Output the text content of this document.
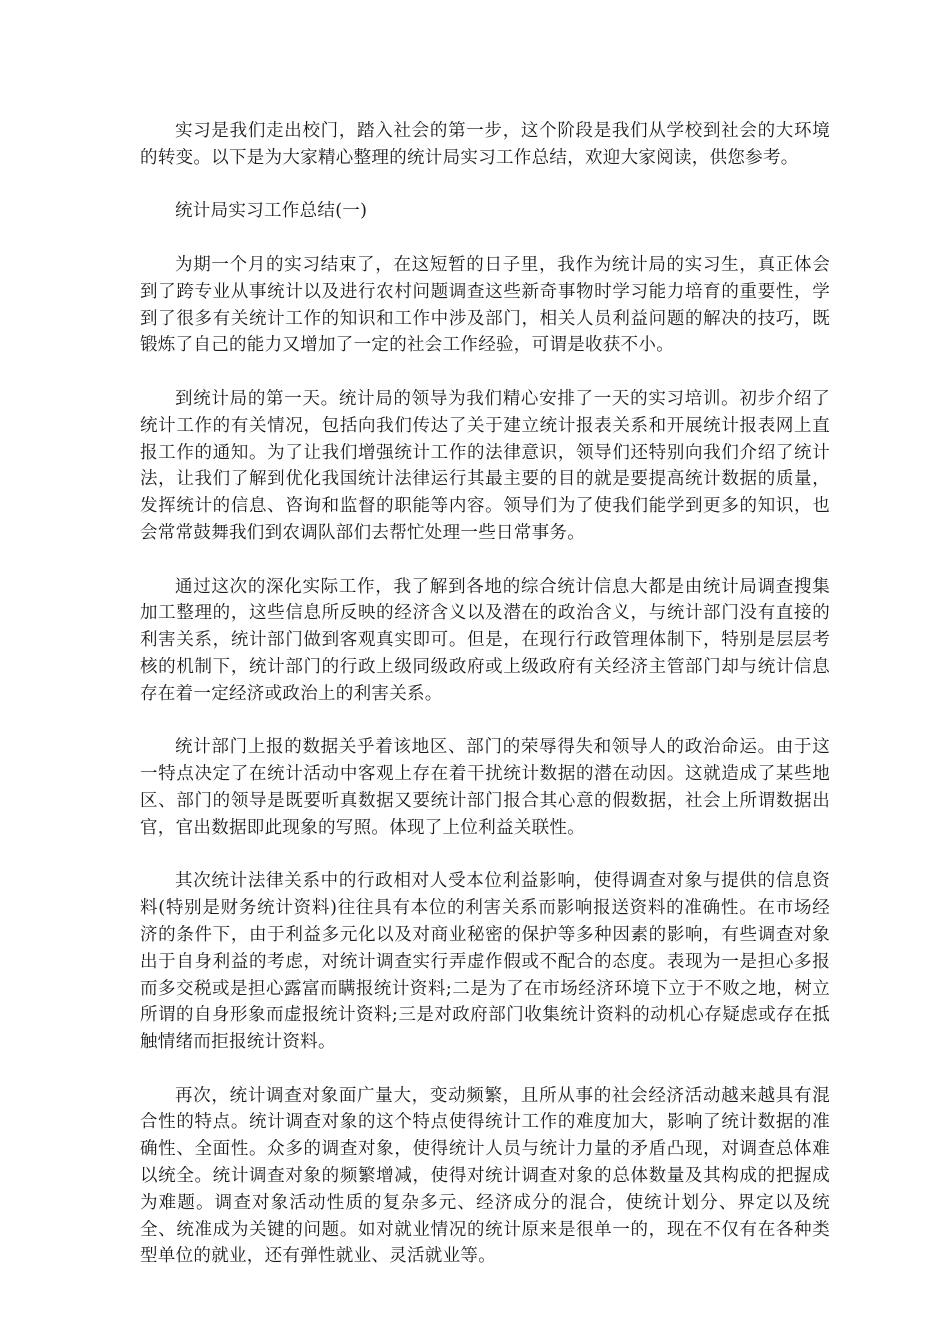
实习是我们走出校门，踏入社会的第一步，这个阶段是我们从学校到社会的大环境的转变。以下是为大家精心整理的统计局实习工作总结，欢迎大家阅读，供您参考。

统计局实习工作总结(一)

为期一个月的实习结束了，在这短暂的日子里，我作为统计局的实习生，真正体会到了跨专业从事统计以及进行农村问题调查这些新奇事物时学习能力培育的重要性，学到了很多有关统计工作的知识和工作中涉及部门，相关人员利益问题的解决的技巧，既锻炼了自己的能力又增加了一定的社会工作经验，可谓是收获不小。

到统计局的第一天。统计局的领导为我们精心安排了一天的实习培训。初步介绍了统计工作的有关情况，包括向我们传达了关于建立统计报表关系和开展统计报表网上直报工作的通知。为了让我们增强统计工作的法律意识，领导们还特别向我们介绍了统计法，让我们了解到优化我国统计法律运行其最主要的目的就是要提高统计数据的质量，发挥统计的信息、咨询和监督的职能等内容。领导们为了使我们能学到更多的知识，也会常常鼓舞我们到农调队部们去帮忙处理一些日常事务。

通过这次的深化实际工作，我了解到各地的综合统计信息大都是由统计局调查搜集加工整理的，这些信息所反映的经济含义以及潜在的政治含义，与统计部门没有直接的利害关系，统计部门做到客观真实即可。但是，在现行行政管理体制下，特别是层层考核的机制下，统计部门的行政上级同级政府或上级政府有关经济主管部门却与统计信息存在着一定经济或政治上的利害关系。

统计部门上报的数据关乎着该地区、部门的荣辱得失和领导人的政治命运。由于这一特点决定了在统计活动中客观上存在着干扰统计数据的潜在动因。这就造成了某些地区、部门的领导是既要听真数据又要统计部门报合其心意的假数据，社会上所谓数据出官，官出数据即此现象的写照。体现了上位利益关联性。

其次统计法律关系中的行政相对人受本位利益影响，使得调查对象与提供的信息资料(特别是财务统计资料)往往具有本位的利害关系而影响报送资料的准确性。在市场经济的条件下，由于利益多元化以及对商业秘密的保护等多种因素的影响，有些调查对象出于自身利益的考虑，对统计调查实行弄虚作假或不配合的态度。表现为一是担心多报而多交税或是担心露富而瞒报统计资料;二是为了在市场经济环境下立于不败之地，树立所谓的自身形象而虚报统计资料;三是对政府部门收集统计资料的动机心存疑虑或存在抵触情绪而拒报统计资料。

再次，统计调查对象面广量大，变动频繁，且所从事的社会经济活动越来越具有混合性的特点。统计调查对象的这个特点使得统计工作的难度加大，影响了统计数据的准确性、全面性。众多的调查对象，使得统计人员与统计力量的矛盾凸现，对调查总体难以统全。统计调查对象的频繁增减，使得对统计调查对象的总体数量及其构成的把握成为难题。调查对象活动性质的复杂多元、经济成分的混合，使统计划分、界定以及统全、统准成为关键的问题。如对就业情况的统计原来是很单一的，现在不仅有在各种类型单位的就业，还有弹性就业、灵活就业等。
